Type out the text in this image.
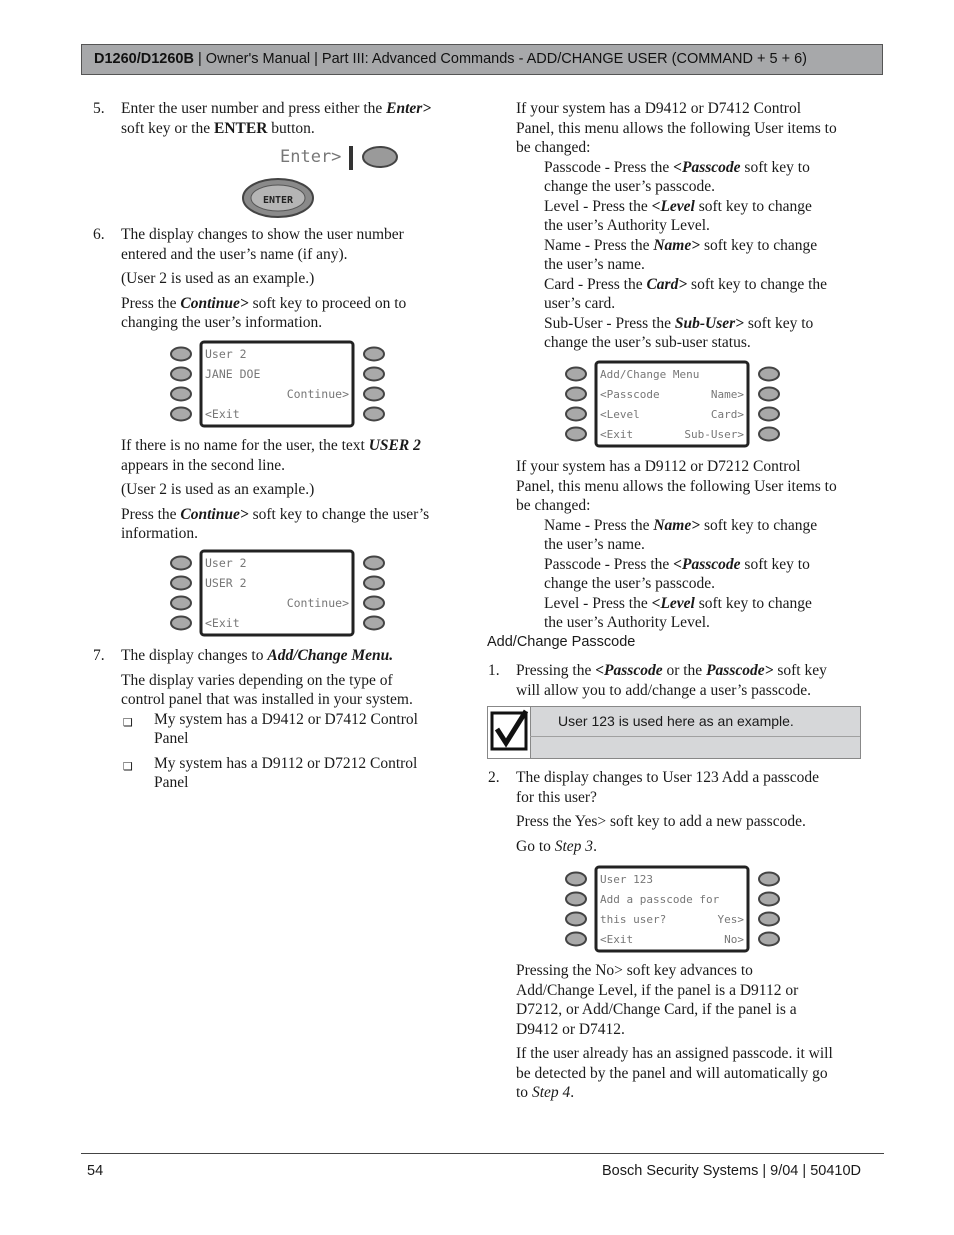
D1260/D1260B | Owner's Manual | Part III: Advanced Commands - ADD/CHANGE USER (COMMAND + 5 + 6)
5.	Enter the user number and press either the Enter>

soft key or the ENTER button.

Enter>
ENTER
6.	The display changes to show the user number

entered and the user’s name (if any).

(User 2 is used as an example.)

Press the Continue> soft key to proceed on to

changing the user’s information.

User 2
JANE DOE
Continue>
<Exit

If there is no name for the user, the text USER 2

appears in the second line.

(User 2 is used as an example.)

Press the Continue> soft key to change the user’s

information.

User 2
USER 2
Continue>
<Exit
7.	The display changes to Add/Change Menu.

The display varies depending on the type of

control panel that was installed in your system.

❑ My system has a D9412 or D7412 Control

Panel

❑ My system has a D9112 or D7212 Control

Panel

If your system has a D9412 or D7412 Control

Panel, this menu allows the following User items to

be changed:

Passcode - Press the <Passcode soft key to

change the user’s passcode.

Level - Press the <Level soft key to change

the user’s Authority Level.

Name - Press the Name> soft key to change

the user’s name.

Card - Press the Card> soft key to change the

user’s card.

Sub-User - Press the Sub-User> soft key to

change the user’s sub-user status.

Add/Change Menu
<Passcode	Name>
<Level	Card>
<Exit	Sub-User>

If your system has a D9112 or D7212 Control

Panel, this menu allows the following User items to

be changed:

Name - Press the Name> soft key to change

the user’s name.

Passcode - Press the <Passcode soft key to

change the user’s passcode.

Level - Press the <Level soft key to change

the user’s Authority Level.

Add/Change Passcode
1.	Pressing the <Passcode or the Passcode> soft key

will allow you to add/change a user’s passcode.

User 123 is used here as an example.
2.	The display changes to User 123 Add a passcode

for this user?

Press the Yes> soft key to add a new passcode.

Go to Step 3.

User 123
Add a passcode for
this user?	Yes>
<Exit	No>

Pressing the No> soft key advances to

Add/Change Level, if the panel is a D9112 or

D7212, or Add/Change Card, if the panel is a

D9412 or D7412.

If the user already has an assigned passcode. it will

be detected by the panel and will automatically go

to Step 4.

54	Bosch Security Systems | 9/04 | 50410D
